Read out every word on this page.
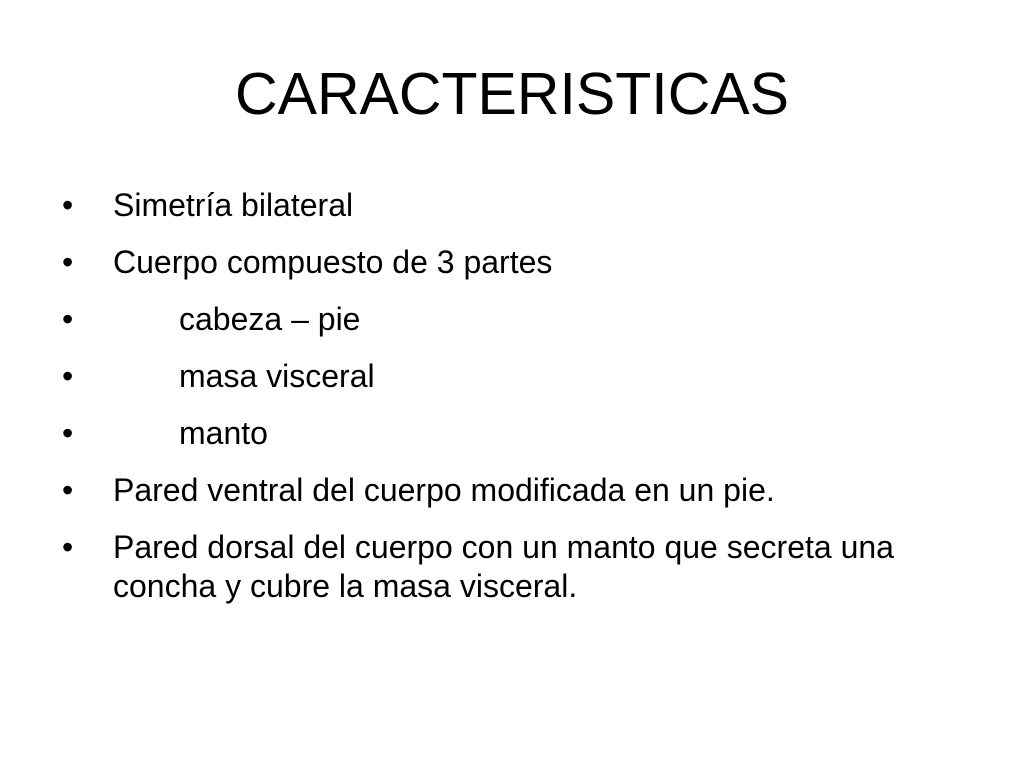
CARACTERISTICAS
•	Simetría bilateral
•	Cuerpo compuesto de 3 partes
•	cabeza – pie
•	masa visceral
•	manto
•	Pared ventral del cuerpo modificada en un pie.
•	Pared dorsal del cuerpo con un manto que secreta una concha y cubre la masa visceral.
